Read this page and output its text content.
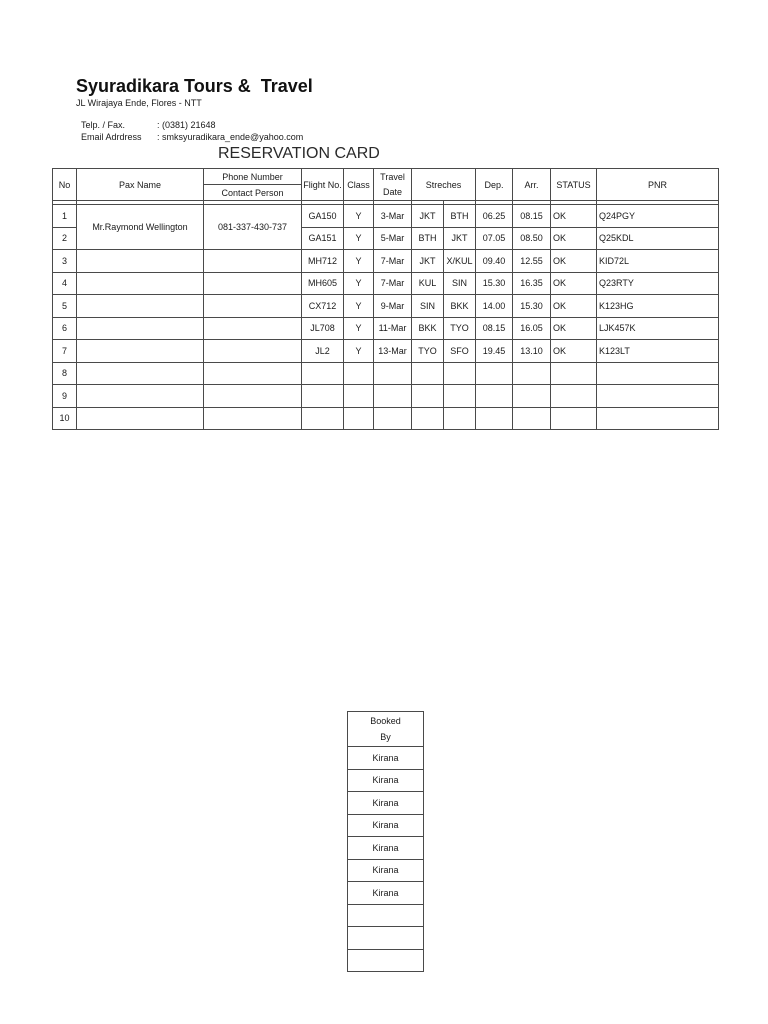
Syuradikara Tours &  Travel
JL Wirajaya Ende, Flores - NTT

Telp. / Fax.	: (0381) 21648

Email Adrdress : smksyuradikara_ende@yahoo.com

RESERVATION CARD
No	Pax Name	Phone Number	Flight No.	Class	Travel
Date	Streches		Dep.	Arr.	STATUS	PNR
		Contact Person									

1	Mr.Raymond Wellington	081-337-430-737	GA150	Y	3-Mar	JKT	BTH	06.25	08.15	OK	Q24PGY
2			GA151	Y	5-Mar	BTH	JKT	07.05	08.50	OK	Q25KDL
3			MH712	Y	7-Mar	JKT	X/KUL	09.40	12.55	OK	KID72L
4			MH605	Y	7-Mar	KUL	SIN	15.30	16.35	OK	Q23RTY
5			CX712	Y	9-Mar	SIN	BKK	14.00	15.30	OK	K123HG
6			JL708	Y	11-Mar	BKK	TYO	08.15	16.05	OK	LJK457K
7			JL2	Y	13-Mar	TYO	SFO	19.45	13.10	OK	K123LT
8											
9											
10											
Booked
By

Kirana
Kirana
Kirana
Kirana
Kirana
Kirana
Kirana
